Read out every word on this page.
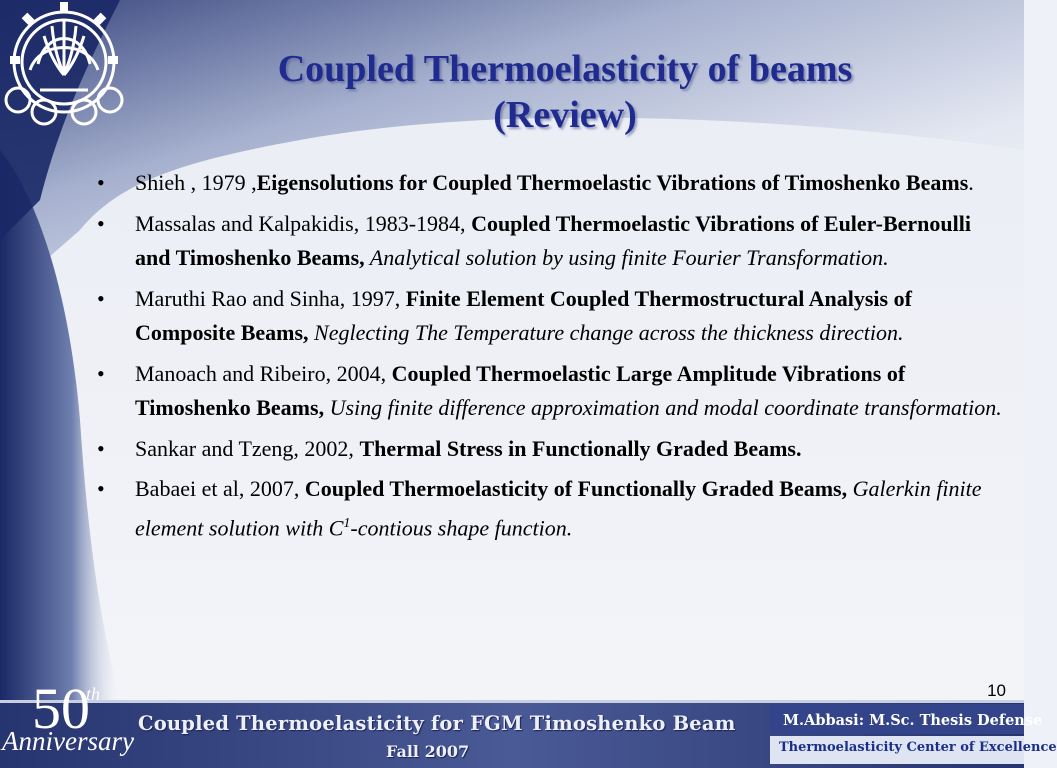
Coupled Thermoelasticity of beams
(Review)
• Shieh , 1979 ,Eigensolutions for Coupled Thermoelastic Vibrations of Timoshenko Beams.
• Massalas and Kalpakidis, 1983-1984, Coupled Thermoelastic Vibrations of Euler-Bernoulli and Timoshenko Beams, Analytical solution by using finite Fourier Transformation.
• Maruthi Rao and Sinha, 1997, Finite Element Coupled Thermostructural Analysis of Composite Beams, Neglecting The Temperature change across the thickness direction.
• Manoach and Ribeiro, 2004, Coupled Thermoelastic Large Amplitude Vibrations of Timoshenko Beams, Using finite difference approximation and modal coordinate transformation.
• Sankar and Tzeng, 2002, Thermal Stress in Functionally Graded Beams.
• Babaei et al, 2007, Coupled Thermoelasticity of Functionally Graded Beams, Galerkin finite element solution with $C^1$-contious shape function.
10
50
th
Anniversary
Coupled Thermoelasticity for FGM Timoshenko Beam
Fall 2007
M.Abbasi: M.Sc. Thesis Defense
Thermoelasticity Center of Excellence
